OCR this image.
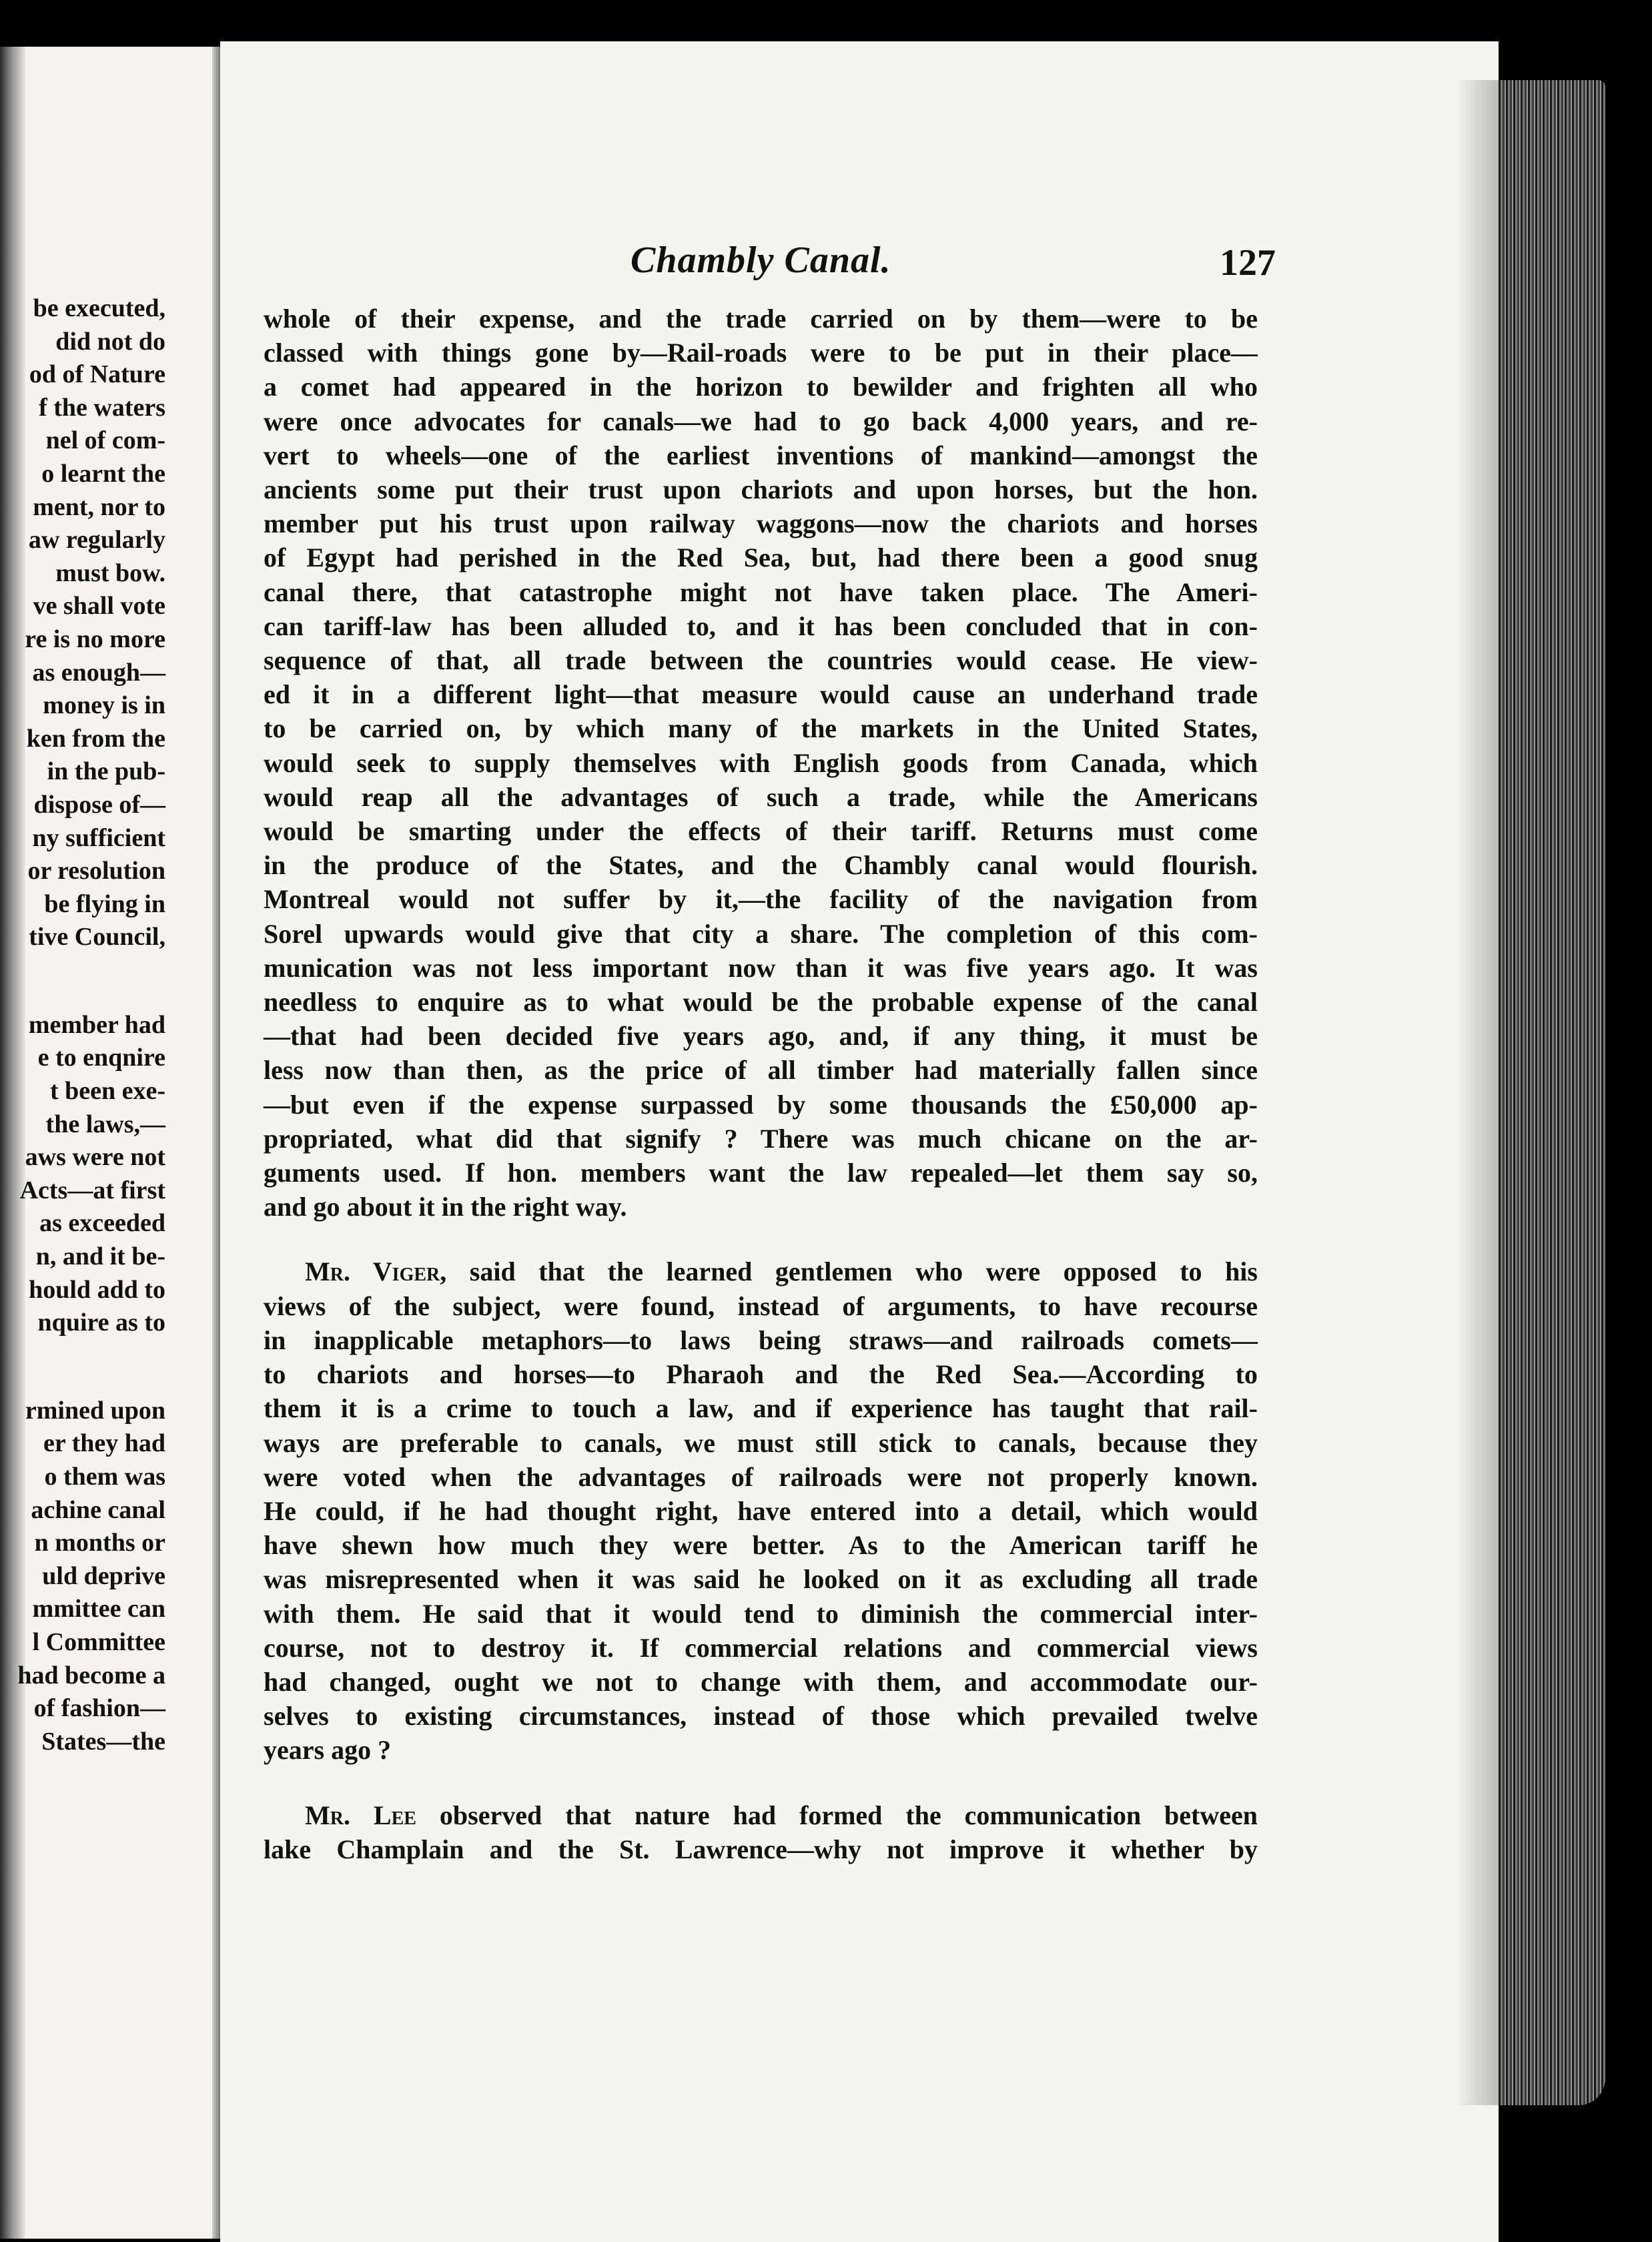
be executed,
did not do
od of Nature
f the waters
nel of com-
o learnt the
ment, nor to
aw regularly
must bow.
ve shall vote
re is no more
as enough—
money is in
ken from the
in the pub-
dispose of—
ny sufficient
or resolution
be flying in
tive Council,
member had
e to enqnire
t been exe-
the laws,—
aws were not
Acts—at first
as exceeded
n, and it be-
hould add to
nquire as to
rmined upon
er they had
o them was
achine canal
n months or
uld deprive
mmittee can
l Committee
had become a
of fashion—
States—the
Chambly Canal.	127
whole of their expense, and the trade carried on by them—were to be
classed with things gone by—Rail-roads were to be put in their place—
a comet had appeared in the horizon to bewilder and frighten all who
were once advocates for canals—we had to go back 4,000 years, and re-
vert to wheels—one of the earliest inventions of mankind—amongst the
ancients some put their trust upon chariots and upon horses, but the hon.
member put his trust upon railway waggons—now the chariots and horses
of Egypt had perished in the Red Sea, but, had there been a good snug
canal there, that catastrophe might not have taken place. The Ameri-
can tariff-law has been alluded to, and it has been concluded that in con-
sequence of that, all trade between the countries would cease. He view-
ed it in a different light—that measure would cause an underhand trade
to be carried on, by which many of the markets in the United States,
would seek to supply themselves with English goods from Canada, which
would reap all the advantages of such a trade, while the Americans
would be smarting under the effects of their tariff. Returns must come
in the produce of the States, and the Chambly canal would flourish.
Montreal would not suffer by it,—the facility of the navigation from
Sorel upwards would give that city a share. The completion of this com-
munication was not less important now than it was five years ago. It was
needless to enquire as to what would be the probable expense of the canal
—that had been decided five years ago, and, if any thing, it must be
less now than then, as the price of all timber had materially fallen since
—but even if the expense surpassed by some thousands the £50,000 ap-
propriated, what did that signify ? There was much chicane on the ar-
guments used. If hon. members want the law repealed—let them say so,
and go about it in the right way.
Mr. Viger, said that the learned gentlemen who were opposed to his
views of the subject, were found, instead of arguments, to have recourse
in inapplicable metaphors—to laws being straws—and railroads comets—
to chariots and horses—to Pharaoh and the Red Sea.—According to
them it is a crime to touch a law, and if experience has taught that rail-
ways are preferable to canals, we must still stick to canals, because they
were voted when the advantages of railroads were not properly known.
He could, if he had thought right, have entered into a detail, which would
have shewn how much they were better. As to the American tariff he
was misrepresented when it was said he looked on it as excluding all trade
with them. He said that it would tend to diminish the commercial inter-
course, not to destroy it. If commercial relations and commercial views
had changed, ought we not to change with them, and accommodate our-
selves to existing circumstances, instead of those which prevailed twelve
years ago ?
Mr. Lee observed that nature had formed the communication between
lake Champlain and the St. Lawrence—why not improve it whether by
